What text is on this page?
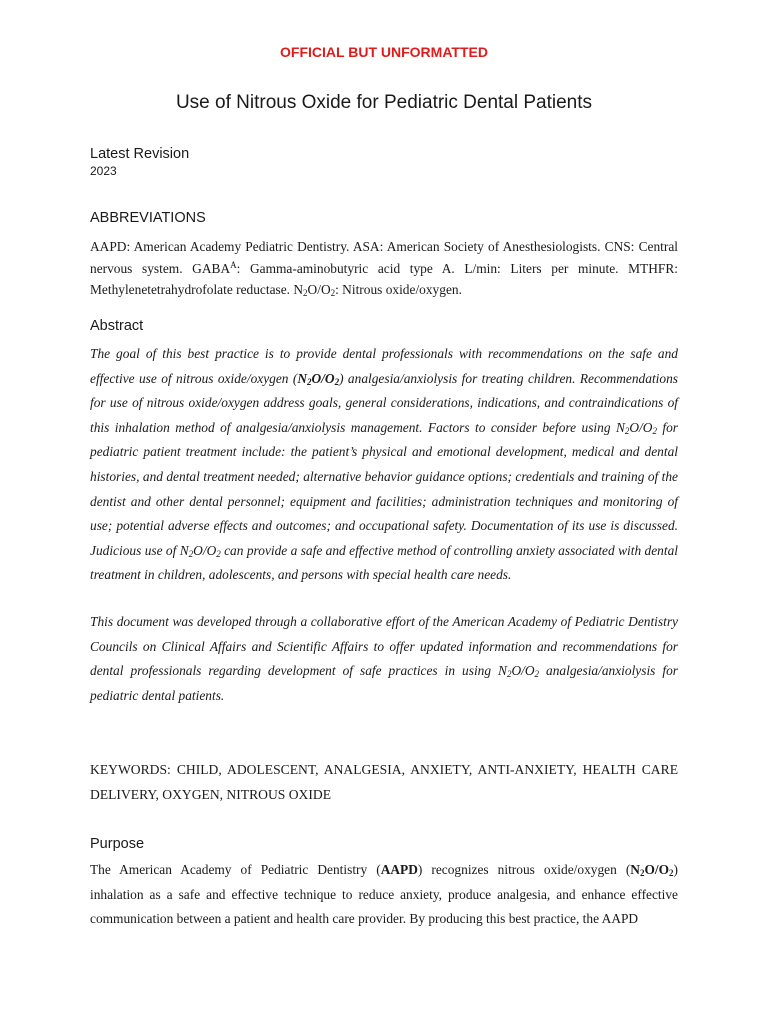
OFFICIAL BUT UNFORMATTED
Use of Nitrous Oxide for Pediatric Dental Patients
Latest Revision
2023
ABBREVIATIONS
AAPD: American Academy Pediatric Dentistry. ASA: American Society of Anesthesiologists. CNS: Central nervous system. $GABA^A$: Gamma-aminobutyric acid type A. L/min: Liters per minute. MTHFR: Methylenetetrahydrofolate reductase. $N_2O/O_2$: Nitrous oxide/oxygen.
Abstract
The goal of this best practice is to provide dental professionals with recommendations on the safe and effective use of nitrous oxide/oxygen $(N_2O/O_2)$ analgesia/anxiolysis for treating children. Recommendations for use of nitrous oxide/oxygen address goals, general considerations, indications, and contraindications of this inhalation method of analgesia/anxiolysis management. Factors to consider before using $N_2O/O_2$ for pediatric patient treatment include: the patient’s physical and emotional development, medical and dental histories, and dental treatment needed; alternative behavior guidance options; credentials and training of the dentist and other dental personnel; equipment and facilities; administration techniques and monitoring of use; potential adverse effects and outcomes; and occupational safety. Documentation of its use is discussed. Judicious use of $N_2O/O_2$ can provide a safe and effective method of controlling anxiety associated with dental treatment in children, adolescents, and persons with special health care needs.
This document was developed through a collaborative effort of the American Academy of Pediatric Dentistry Councils on Clinical Affairs and Scientific Affairs to offer updated information and recommendations for dental professionals regarding development of safe practices in using $N_2O/O_2$ analgesia/anxiolysis for pediatric dental patients.
KEYWORDS: CHILD, ADOLESCENT, ANALGESIA, ANXIETY, ANTI-ANXIETY, HEALTH CARE DELIVERY, OXYGEN, NITROUS OXIDE
Purpose
The American Academy of Pediatric Dentistry (AAPD) recognizes nitrous oxide/oxygen $(N_2O/O_2)$ inhalation as a safe and effective technique to reduce anxiety, produce analgesia, and enhance effective communication between a patient and health care provider. By producing this best practice, the AAPD
